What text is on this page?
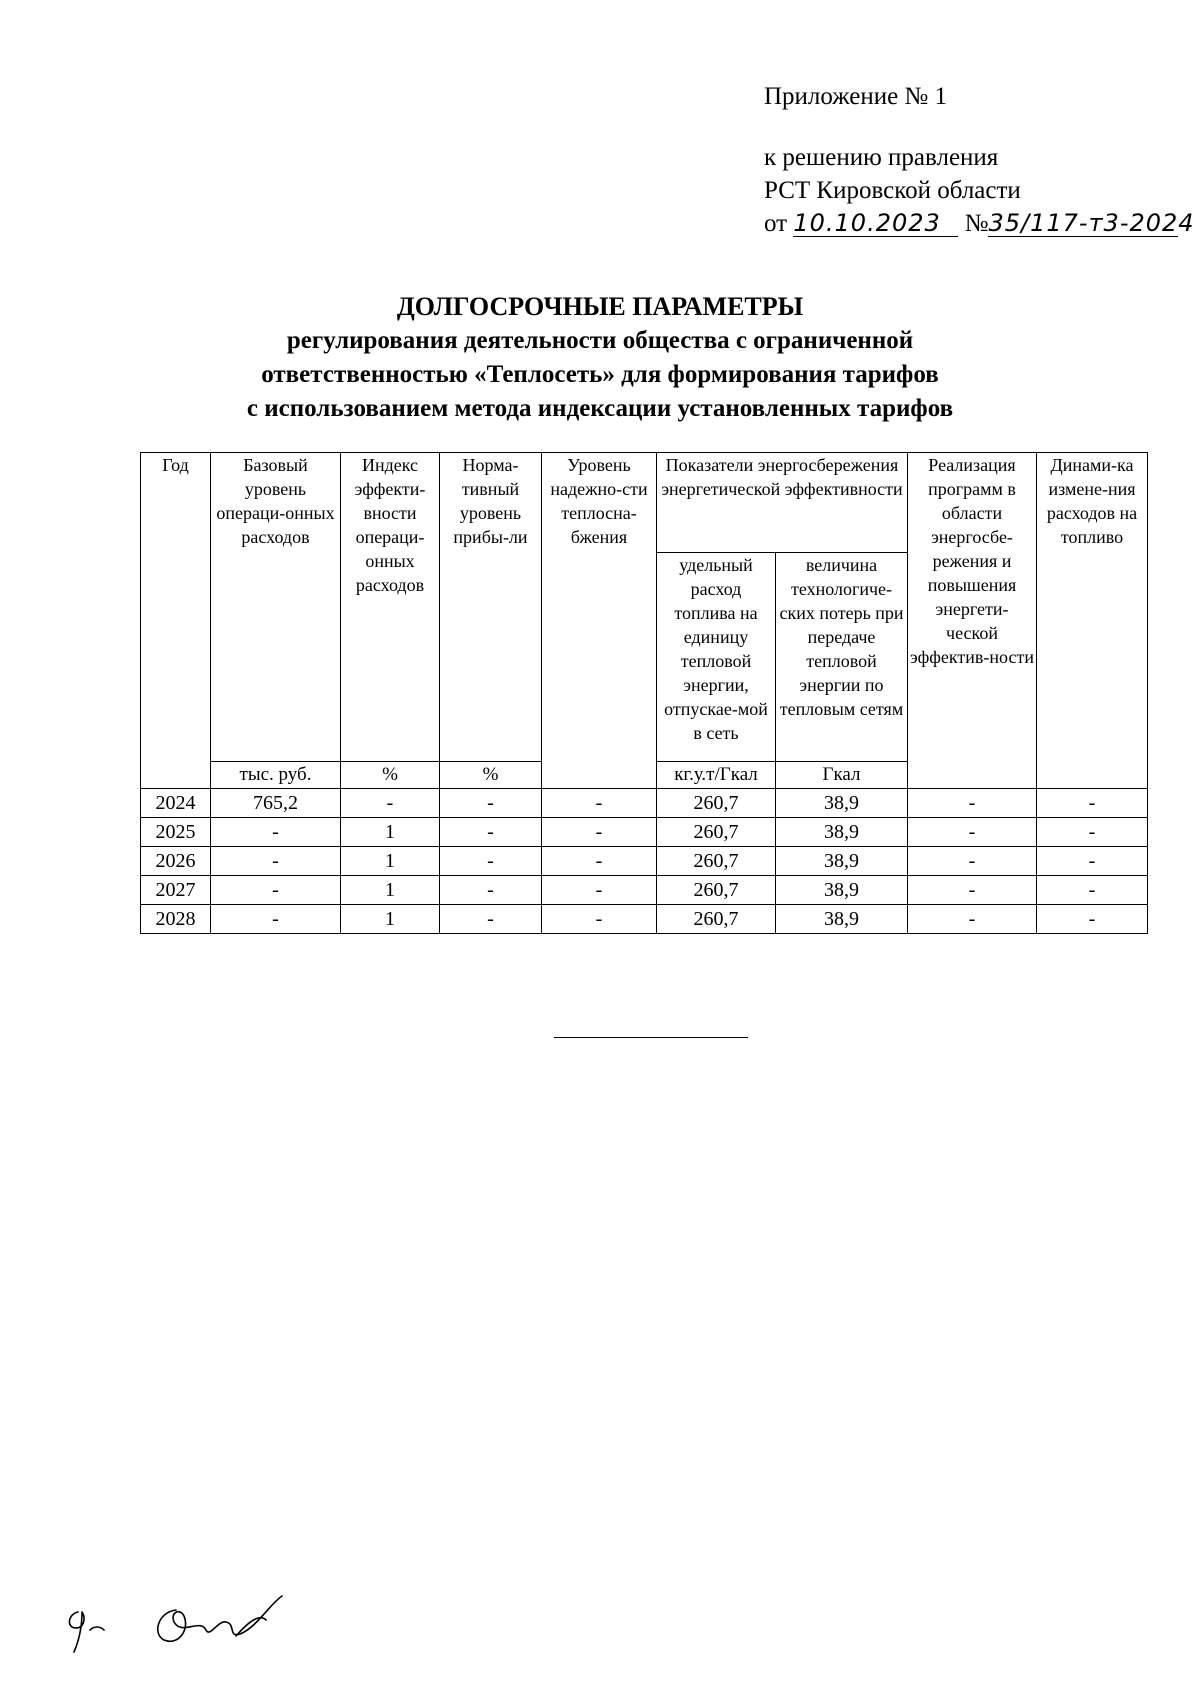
Приложение № 1
к решению правления
РСТ Кировской области
от 10.10.2023 №35/117-т3-2024
ДОЛГОСРОЧНЫЕ ПАРАМЕТРЫ
регулирования деятельности общества с ограниченной
ответственностью «Теплосеть» для формирования тарифов
с использованием метода индексации установленных тарифов
Год	Базовый уровень операци-онных расходов	Индекс эффекти-вности операци-онных расходов	Норма-тивный уровень прибы-ли	Уровень надежно-сти теплосна-бжения	Показатели энергосбережения энергетической эффективности		Реализация программ в области энергосбе-режения и повышения энергети-ческой эффектив-ности	Динами-ка измене-ния расходов на топливо
					удельный расход топлива на единицу тепловой энергии, отпускае-мой в сеть	величина технологиче-ских потерь при передаче тепловой энергии по тепловым сетям		
	тыс. руб.	%	%		кг.у.т/Гкал	Гкал		
2024	765,2	-	-	-	260,7	38,9	-	-
2025	-	1	-	-	260,7	38,9	-	-
2026	-	1	-	-	260,7	38,9	-	-
2027	-	1	-	-	260,7	38,9	-	-
2028	-	1	-	-	260,7	38,9	-	-
